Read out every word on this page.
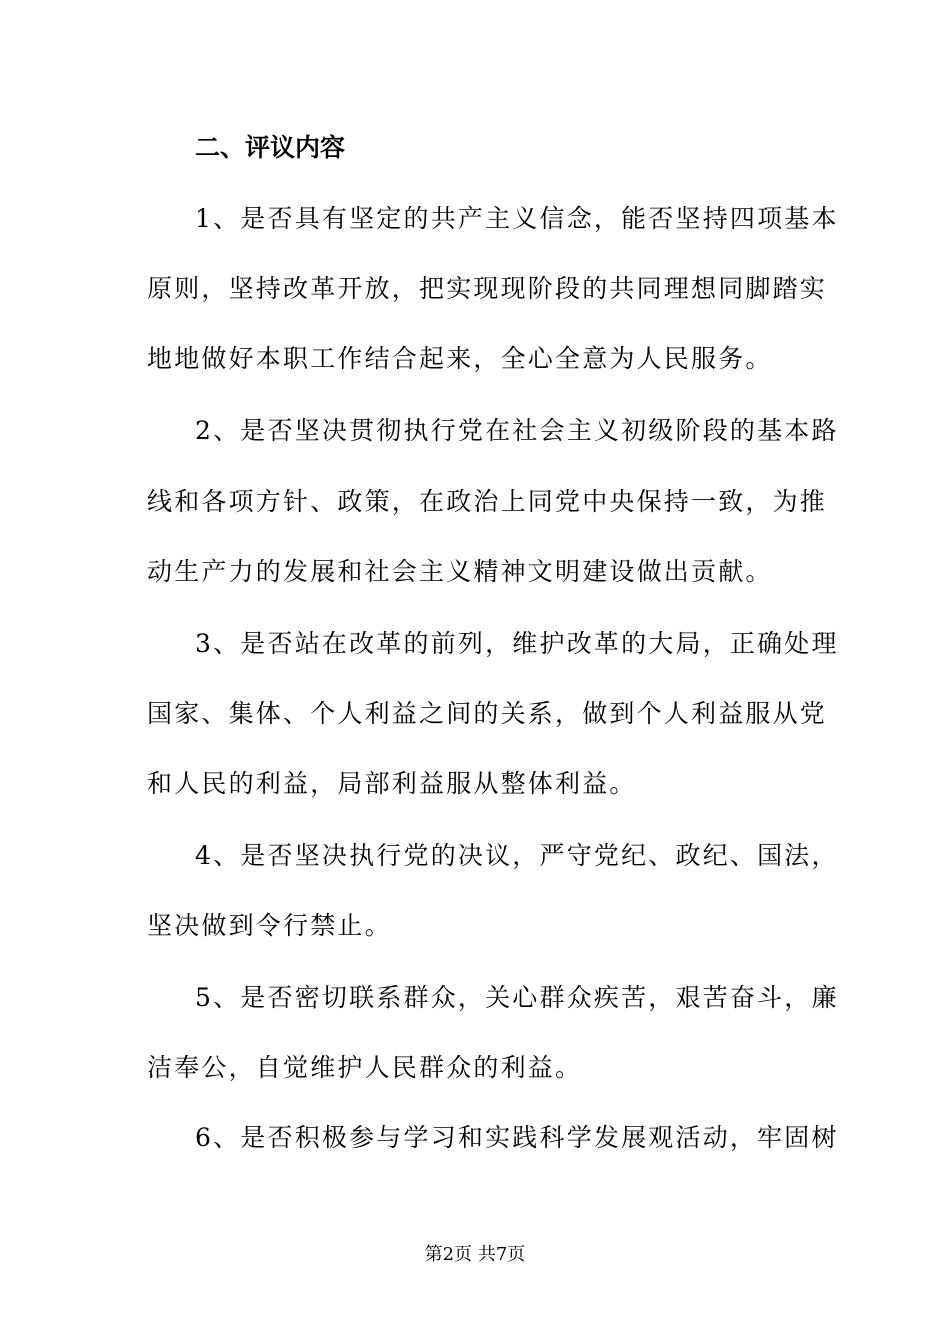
二、评议内容
1、是否具有坚定的共产主义信念，能否坚持四项基本
原则，坚持改革开放，把实现现阶段的共同理想同脚踏实
地地做好本职工作结合起来，全心全意为人民服务。
2、是否坚决贯彻执行党在社会主义初级阶段的基本路
线和各项方针、政策，在政治上同党中央保持一致，为推
动生产力的发展和社会主义精神文明建设做出贡献。
3、是否站在改革的前列，维护改革的大局，正确处理
国家、集体、个人利益之间的关系，做到个人利益服从党
和人民的利益，局部利益服从整体利益。
4、是否坚决执行党的决议，严守党纪、政纪、国法，
坚决做到令行禁止。
5、是否密切联系群众，关心群众疾苦，艰苦奋斗，廉
洁奉公，自觉维护人民群众的利益。
6、是否积极参与学习和实践科学发展观活动，牢固树
第2页 共7页
